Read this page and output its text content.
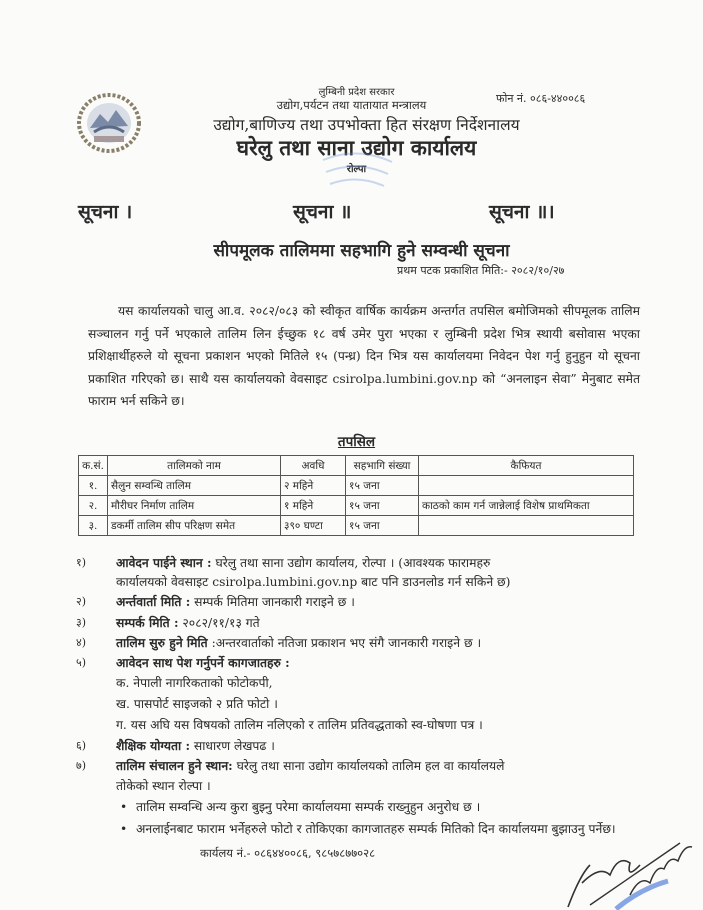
लुम्बिनी प्रदेश सरकार
उद्योग,पर्यटन तथा यातायात मन्त्रालय
उद्योग,बाणिज्य तथा उपभोक्ता हित संरक्षण निर्देशनालय
घरेलु तथा साना उद्योग कार्यालय
रोल्पा
फोन नं. ०८६-४४००८६
सूचना ।	सूचना ॥	सूचना ॥।
सीपमूलक तालिममा सहभागि हुने सम्वन्धी सूचना
प्रथम पटक प्रकाशित मिति:- २०८२/१०/२७
यस कार्यालयको चालु आ.व. २०८२/०८३ को स्वीकृत वार्षिक कार्यक्रम अन्तर्गत तपसिल बमोजिमको सीपमूलक तालिम सञ्चालन गर्नु पर्ने भएकाले तालिम लिन ईच्छुक १८ वर्ष उमेर पुरा भएका र लुम्बिनी प्रदेश भित्र स्थायी बसोवास भएका प्रशिक्षार्थीहरुले यो सूचना प्रकाशन भएको मितिले १५ (पन्ध्र) दिन भित्र यस कार्यालयमा निवेदन पेश गर्नु हुनुहुन यो सूचना प्रकाशित गरिएको छ। साथै यस कार्यालयको वेवसाइट csirolpa.lumbini.gov.np को “अनलाइन सेवा” मेनुबाट समेत फाराम भर्न सकिने छ।
तपसिल
क.सं.	तालिमको नाम	अवधि	सहभागि संख्या	कैफियत
१.	सैलुन सम्वन्धि तालिम	२ महिने	१५ जना	
२.	मौरीघर निर्माण तालिम	१ महिने	१५ जना	काठको काम गर्न जान्नेलाई विशेष प्राथमिकता
३.	डकर्मी तालिम सीप परिक्षण समेत	३९० घण्टा	१५ जना	
१) आवेदन पाईने स्थान : घरेलु तथा साना उद्योग कार्यालय, रोल्पा । (आवश्यक फारामहरु
कार्यालयको वेवसाइट csirolpa.lumbini.gov.np बाट पनि डाउनलोड गर्न सकिने छ)
२) अर्न्तवार्ता मिति : सम्पर्क मितिमा जानकारी गराइने छ ।
३) सम्पर्क मिति : २०८२/११/१३ गते
४) तालिम सुरु हुने मिति :अन्तरवार्ताको नतिजा प्रकाशन भए संगै जानकारी गराइने छ ।
५) आवेदन साथ पेश गर्नुपर्ने कागजातहरु :
क. नेपाली नागरिकताको फोटोकपी,
ख. पासपोर्ट साइजको २ प्रति फोटो ।
ग. यस अघि यस विषयको तालिम नलिएको र तालिम प्रतिवद्धताको स्व-घोषणा पत्र ।
६) शैक्षिक योग्यता : साधारण लेखपढ ।
७) तालिम संचालन हुने स्थान: घरेलु तथा साना उद्योग कार्यालयको तालिम हल वा कार्यालयले
तोकेको स्थान रोल्पा ।
• तालिम सम्वन्धि अन्य कुरा बुझ्नु परेमा कार्यालयमा सम्पर्क राख्नुहुन अनुरोध छ ।
• अनलाईनबाट फाराम भर्नेहरुले फोटो र तोकिएका कागजातहरु सम्पर्क मितिको दिन कार्यालयमा बुझाउनु पर्नेछ।
कार्यलय नं.- ०८६४४००८६, ९८५७८७७०२८
